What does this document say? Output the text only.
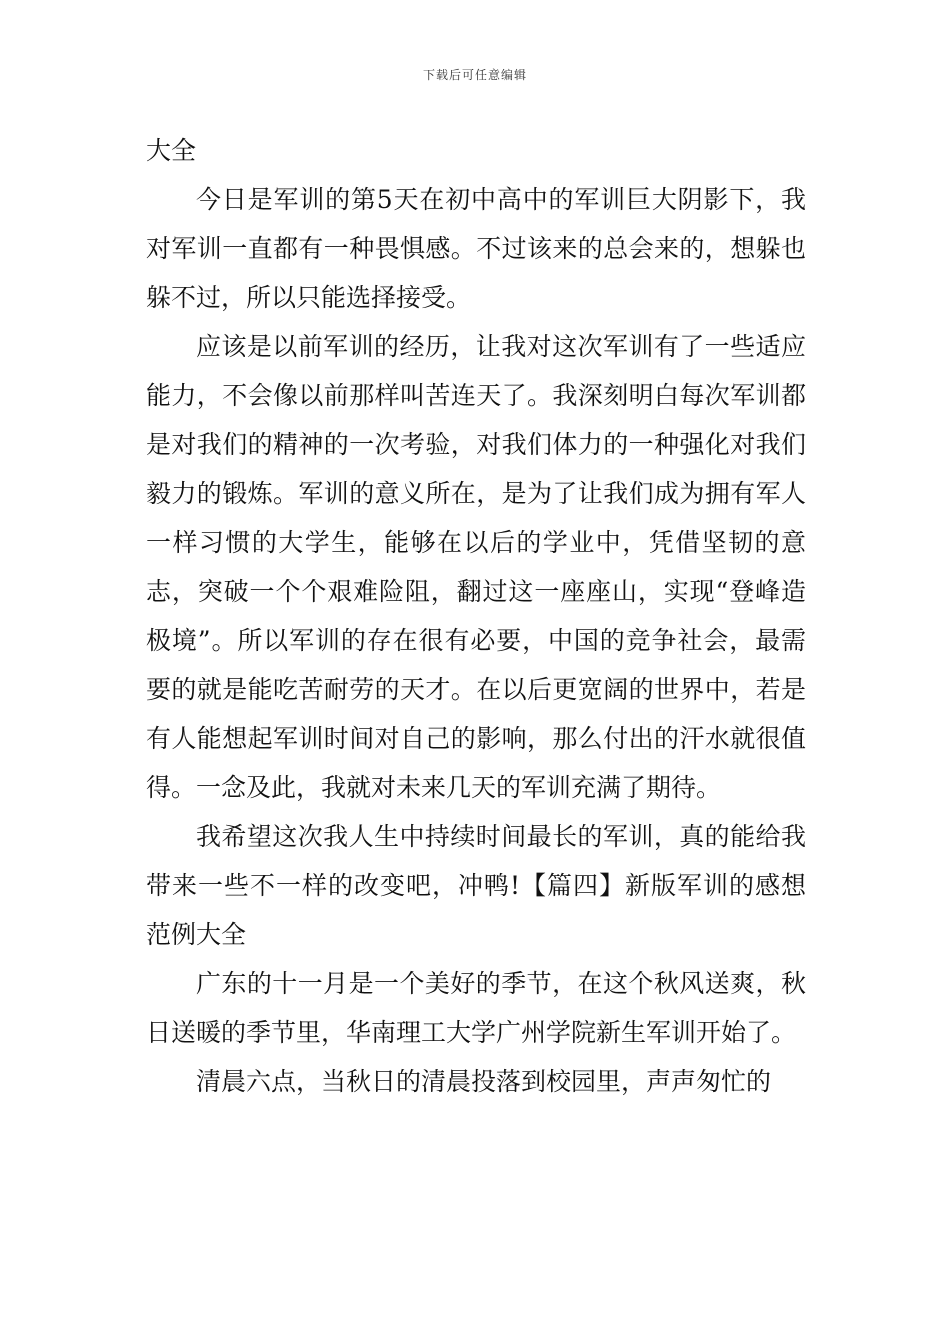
下载后可任意编辑

大全

今日是军训的第5天在初中高中的军训巨大阴影下，我对军训一直都有一种畏惧感。不过该来的总会来的，想躲也躲不过，所以只能选择接受。

应该是以前军训的经历，让我对这次军训有了一些适应能力，不会像以前那样叫苦连天了。我深刻明白每次军训都是对我们的精神的一次考验，对我们体力的一种强化对我们毅力的锻炼。军训的意义所在，是为了让我们成为拥有军人一样习惯的大学生，能够在以后的学业中，凭借坚韧的意志，突破一个个艰难险阻，翻过这一座座山，实现“登峰造极境”。所以军训的存在很有必要，中国的竞争社会，最需要的就是能吃苦耐劳的天才。在以后更宽阔的世界中，若是有人能想起军训时间对自己的影响，那么付出的汗水就很值得。一念及此，我就对未来几天的军训充满了期待。

我希望这次我人生中持续时间最长的军训，真的能给我带来一些不一样的改变吧，冲鸭!【篇四】新版军训的感想范例大全

广东的十一月是一个美好的季节，在这个秋风送爽，秋日送暖的季节里，华南理工大学广州学院新生军训开始了。

清晨六点，当秋日的清晨投落到校园里，声声匆忙的
